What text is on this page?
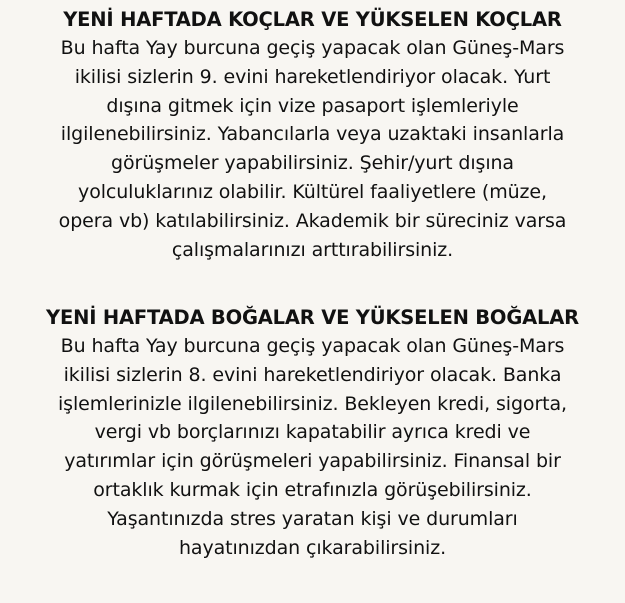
YENİ HAFTADA KOÇLAR VE YÜKSELEN KOÇLAR

Bu hafta Yay burcuna geçiş yapacak olan Güneş-Mars

ikilisi sizlerin 9. evini hareketlendiriyor olacak. Yurt

dışına gitmek için vize pasaport işlemleriyle

ilgilenebilirsiniz. Yabancılarla veya uzaktaki insanlarla

görüşmeler yapabilirsiniz. Şehir/yurt dışına

yolculuklarınız olabilir. Kültürel faaliyetlere (müze,

opera vb) katılabilirsiniz. Akademik bir süreciniz varsa

çalışmalarınızı arttırabilirsiniz.

YENİ HAFTADA BOĞALAR VE YÜKSELEN BOĞALAR

Bu hafta Yay burcuna geçiş yapacak olan Güneş-Mars

ikilisi sizlerin 8. evini hareketlendiriyor olacak. Banka

işlemlerinizle ilgilenebilirsiniz. Bekleyen kredi, sigorta,

vergi vb borçlarınızı kapatabilir ayrıca kredi ve

yatırımlar için görüşmeleri yapabilirsiniz. Finansal bir

ortaklık kurmak için etrafınızla görüşebilirsiniz.

Yaşantınızda stres yaratan kişi ve durumları

hayatınızdan çıkarabilirsiniz.
